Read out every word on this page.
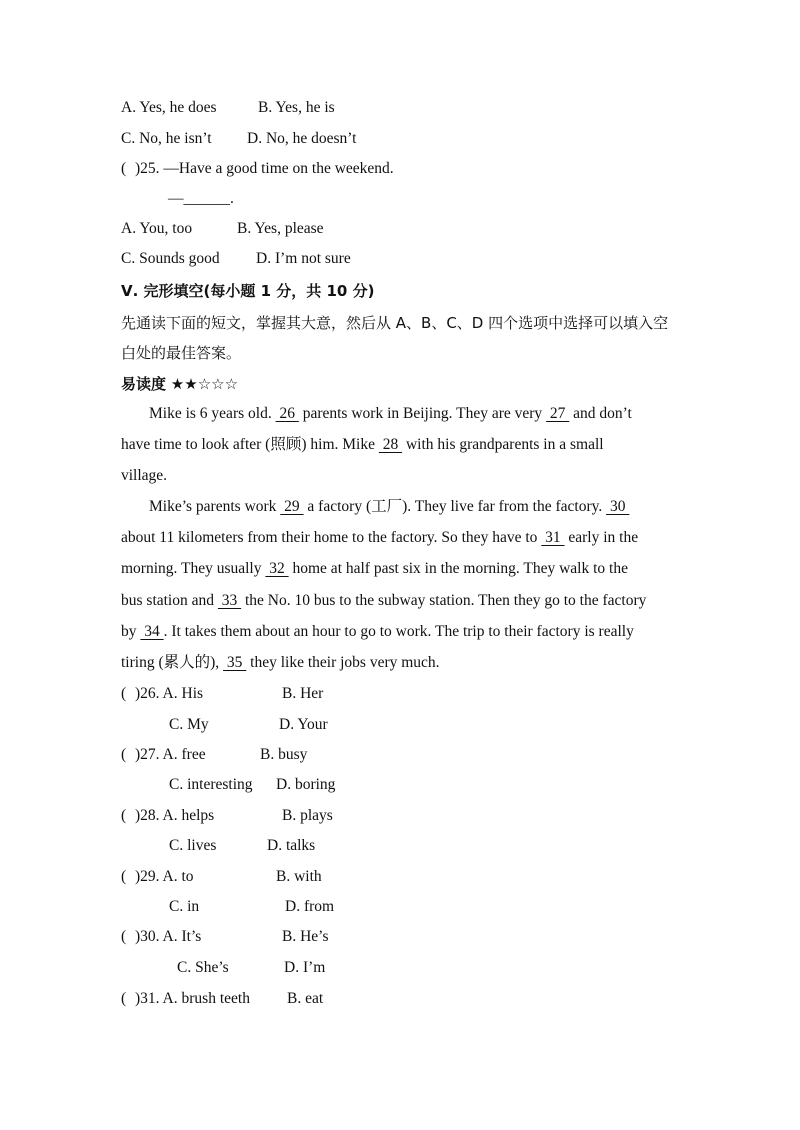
A. Yes, he does	B. Yes, he is
C. No, he isn’t D. No, he doesn’t
( )25. —Have a good time on the weekend.
—______.
A. You, too	B. Yes, please
C. Sounds good D. I’m not sure
Ⅴ. 完形填空(每小题 1 分，共 10 分)
先通读下面的短文，掌握其大意，然后从 A、B、C、D 四个选项中选择可以填入空
白处的最佳答案。
易读度 ★★☆☆☆
Mike is 6 years old.  26  parents work in Beijing. They are very  27  and don’t
have time to look after (照顾) him. Mike  28  with his grandparents in a small
village.
Mike’s parents work  29  a factory (工厂). They live far from the factory.  30
about 11 kilometers from their home to the factory. So they have to  31  early in the
morning. They usually  32  home at half past six in the morning. They walk to the
bus station and  33  the No. 10 bus to the subway station. Then they go to the factory
by  34 . It takes them about an hour to go to work. The trip to their factory is really
tiring (累人的),  35  they like their jobs very much.
( )26. A. His	B. Her
C. My	D. Your
( )27. A. free	B. busy
C. interesting D. boring
( )28. A. helps	B. plays
C. lives	D. talks
( )29. A. to	B. with
C. in	D. from
( )30. A. It’s	B. He’s
C. She’s	D. I’m
( )31. A. brush teeth B. eat
